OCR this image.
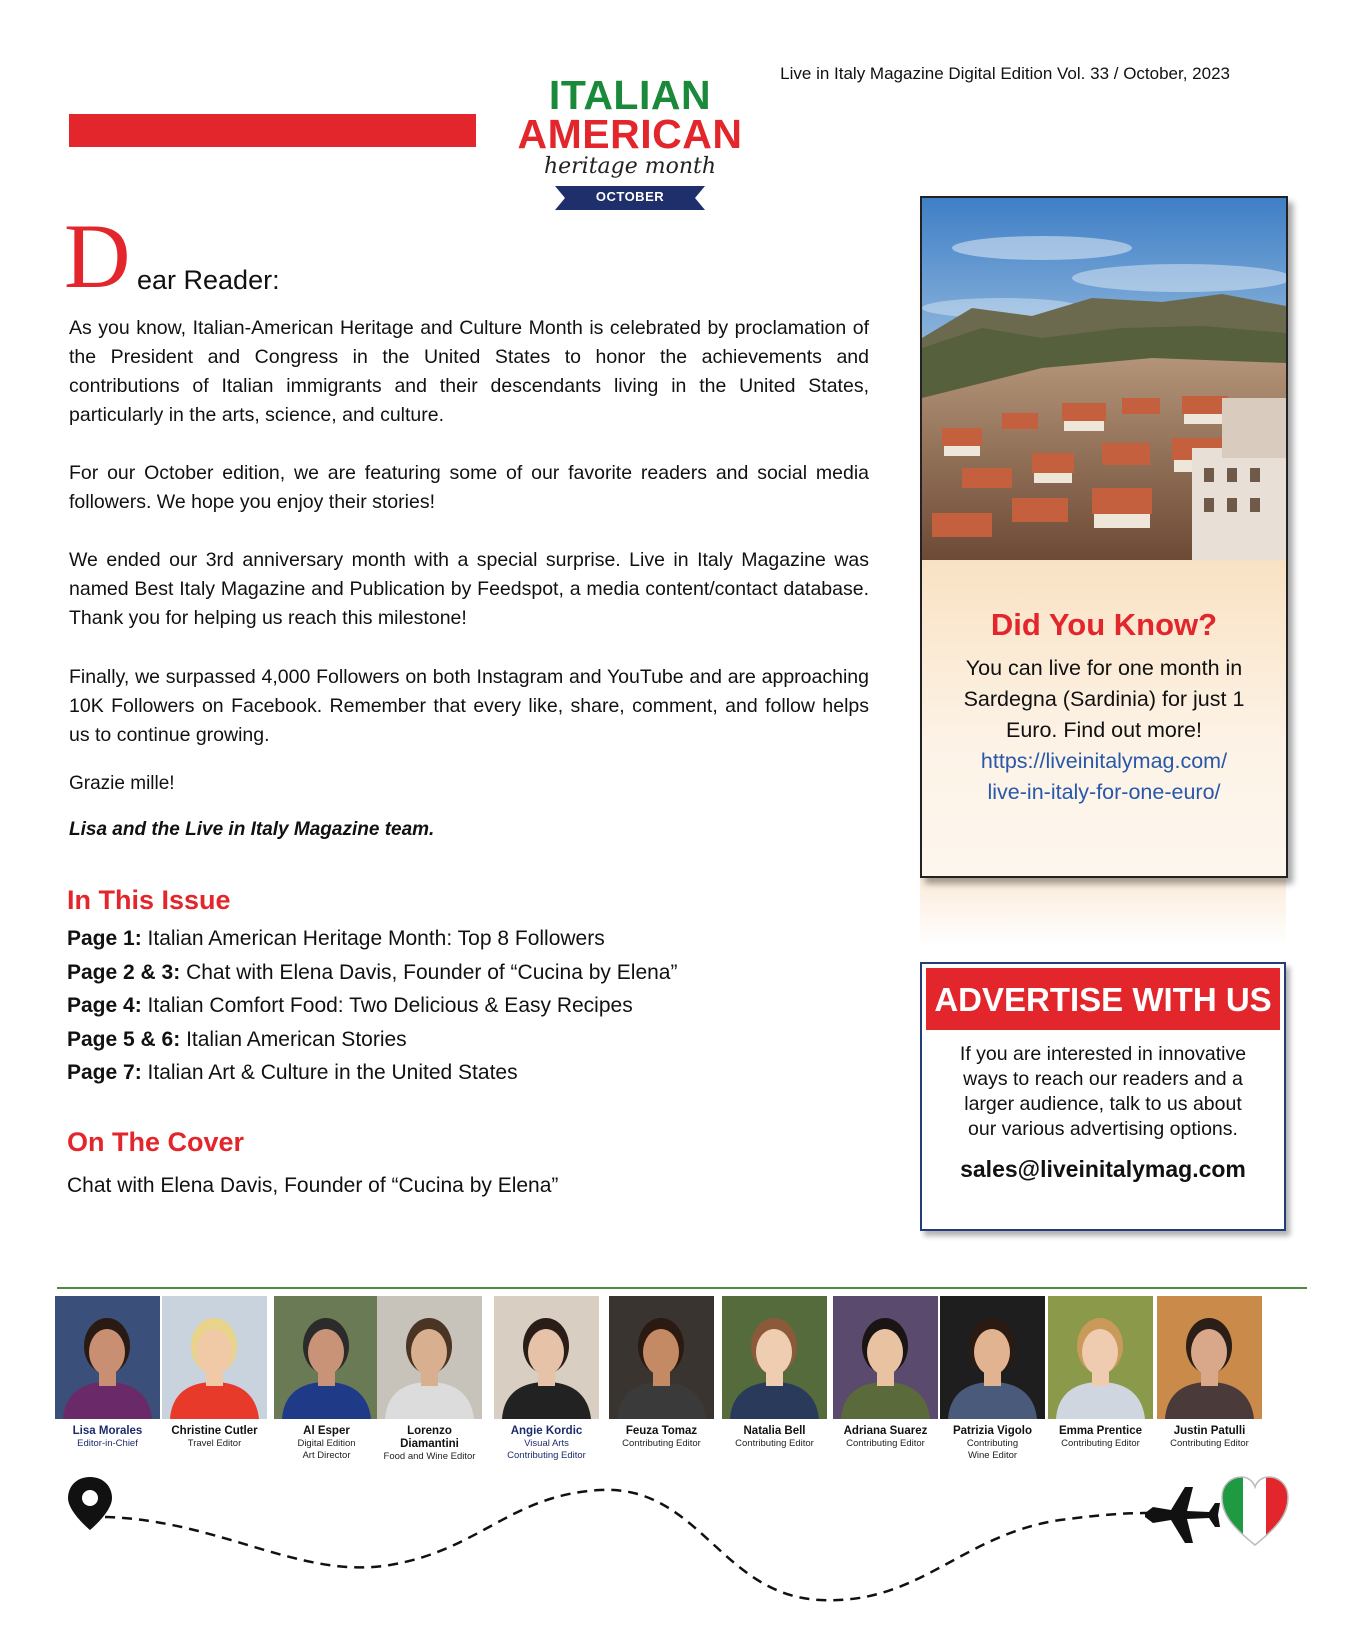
Live in Italy Magazine Digital Edition Vol. 33 / October, 2023
ITALIAN
AMERICAN
heritage month
OCTOBER
D ear Reader:

As you know, Italian-American Heritage and Culture Month is celebrated by proclamation of the President and Congress in the United States to honor the achievements and contributions of Italian immigrants and their descendants living in the United States, particularly in the arts, science, and culture.

For our October edition, we are featuring some of our favorite readers and social media followers. We hope you enjoy their stories!

We ended our 3rd anniversary month with a special surprise. Live in Italy Magazine was named Best Italy Magazine and Publication by Feedspot, a media content/contact database. Thank you for helping us reach this milestone!

Finally, we surpassed 4,000 Followers on both Instagram and YouTube and are approaching 10K Followers on Facebook. Remember that every like, share, comment, and follow helps us to continue growing.

Grazie mille!
Lisa and the Live in Italy Magazine team.
In This Issue
Page 1: Italian American Heritage Month: Top 8 Followers
Page 2 & 3: Chat with Elena Davis, Founder of “Cucina by Elena”
Page 4: Italian Comfort Food: Two Delicious & Easy Recipes
Page 5 & 6: Italian American Stories
Page 7: Italian Art & Culture in the United States
On The Cover
Chat with Elena Davis, Founder of “Cucina by Elena”
Did You Know?
You can live for one month in Sardegna (Sardinia) for just 1 Euro. Find out more!
https://liveinitalymag.com/
live-in-italy-for-one-euro/
ADVERTISE WITH US
If you are interested in innovative ways to reach our readers and a larger audience, talk to us about our various advertising options.
sales@liveinitalymag.com
Lisa Morales
Editor-in-Chief
Christine Cutler
Travel Editor
Al Esper
Digital Edition
Art Director
Lorenzo Diamantini
Food and Wine Editor
Angie Kordic
Visual Arts
Contributing Editor
Feuza Tomaz
Contributing Editor
Natalia Bell
Contributing Editor
Adriana Suarez
Contributing Editor
Patrizia Vigolo
Contributing
Wine Editor
Emma Prentice
Contributing Editor
Justin Patulli
Contributing Editor
